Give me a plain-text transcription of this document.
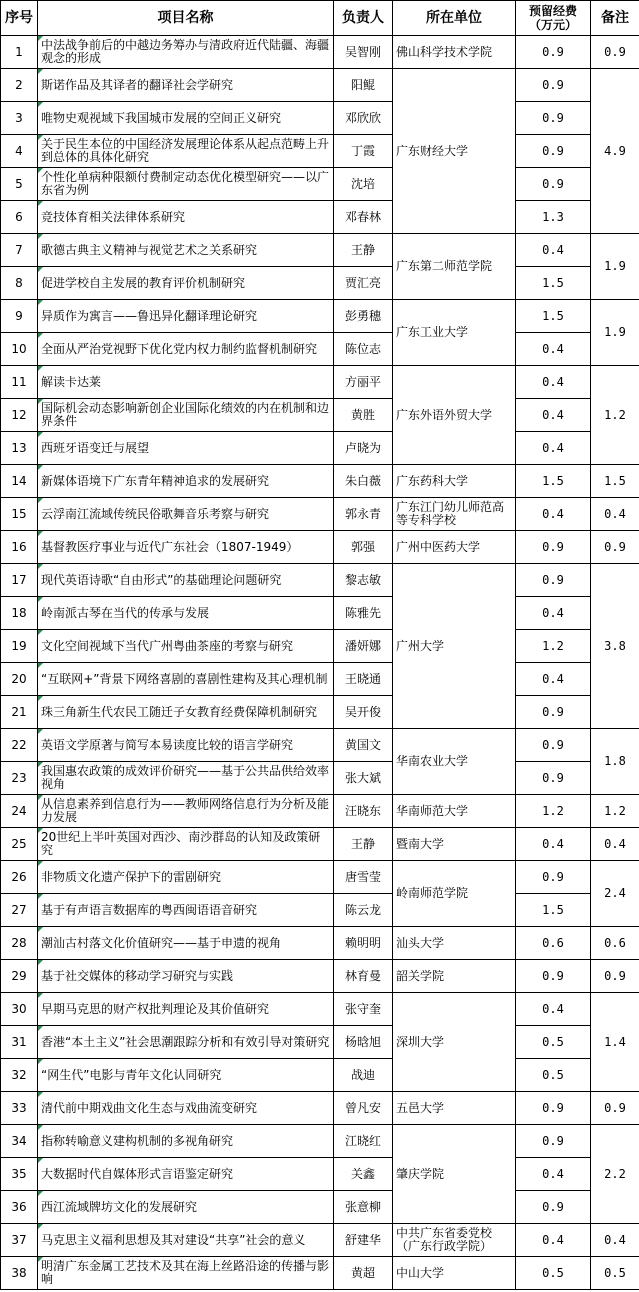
序号	项目名称	负责人	所在单位	预留经费（万元）	备注
1	中法战争前后的中越边务筹办与清政府近代陆疆、海疆观念的形成	吴智刚	佛山科学技术学院	0.9	0.9
2	斯诺作品及其译者的翻译社会学研究	阳鲲	广东财经大学	0.9	4.9
3	唯物史观视域下我国城市发展的空间正义研究	邓欣欣		0.9	
4	关于民生本位的中国经济发展理论体系从起点范畴上升到总体的具体化研究	丁霞		0.9	
5	个性化单病种限额付费制定动态优化模型研究——以广东省为例	沈培		0.9	
6	竞技体育相关法律体系研究	邓春林		1.3	
7	歌德古典主义精神与视觉艺术之关系研究	王静	广东第二师范学院	0.4	1.9
8	促进学校自主发展的教育评价机制研究	贾汇亮		1.5	
9	异质作为寓言——鲁迅异化翻译理论研究	彭勇穗	广东工业大学	1.5	1.9
10	全面从严治党视野下优化党内权力制约监督机制研究	陈位志		0.4	
11	解读卡达莱	方丽平	广东外语外贸大学	0.4	1.2
12	国际机会动态影响新创企业国际化绩效的内在机制和边界条件	黄胜		0.4	
13	西班牙语变迁与展望	卢晓为		0.4	
14	新媒体语境下广东青年精神追求的发展研究	朱白薇	广东药科大学	1.5	1.5
15	云浮南江流域传统民俗歌舞音乐考察与研究	郭永青	广东江门幼儿师范高等专科学校	0.4	0.4
16	基督教医疗事业与近代广东社会（1807-1949）	郭强	广州中医药大学	0.9	0.9
17	现代英语诗歌“自由形式”的基础理论问题研究	黎志敏	广州大学	0.9	3.8
18	岭南派古琴在当代的传承与发展	陈雅先		0.4	
19	文化空间视域下当代广州粤曲茶座的考察与研究	潘妍娜		1.2	
20	“互联网+”背景下网络喜剧的喜剧性建构及其心理机制	王晓通		0.4	
21	珠三角新生代农民工随迁子女教育经费保障机制研究	吴开俊		0.9	
22	英语文学原著与简写本易读度比较的语言学研究	黄国文	华南农业大学	0.9	1.8
23	我国惠农政策的成效评价研究——基于公共品供给效率视角	张大斌		0.9	
24	从信息素养到信息行为——教师网络信息行为分析及能力发展	汪晓东	华南师范大学	1.2	1.2
25	20世纪上半叶英国对西沙、南沙群岛的认知及政策研究	王静	暨南大学	0.4	0.4
26	非物质文化遗产保护下的雷剧研究	唐雪莹	岭南师范学院	0.9	2.4
27	基于有声语言数据库的粤西闽语语音研究	陈云龙		1.5	
28	潮汕古村落文化价值研究——基于申遗的视角	赖明明	汕头大学	0.6	0.6
29	基于社交媒体的移动学习研究与实践	林育曼	韶关学院	0.9	0.9
30	早期马克思的财产权批判理论及其价值研究	张守奎	深圳大学	0.4	1.4
31	香港“本土主义”社会思潮跟踪分析和有效引导对策研究	杨晗旭		0.5	
32	“网生代”电影与青年文化认同研究	战迪		0.5	
33	清代前中期戏曲文化生态与戏曲流变研究	曾凡安	五邑大学	0.9	0.9
34	指称转喻意义建构机制的多视角研究	江晓红	肇庆学院	0.9	2.2
35	大数据时代自媒体形式言语鉴定研究	关鑫		0.4	
36	西江流域牌坊文化的发展研究	张意柳		0.9	
37	马克思主义福利思想及其对建设“共享”社会的意义	舒建华	中共广东省委党校（广东行政学院）	0.4	0.4
38	明清广东金属工艺技术及其在海上丝路沿途的传播与影响	黄超	中山大学	0.5	0.5
